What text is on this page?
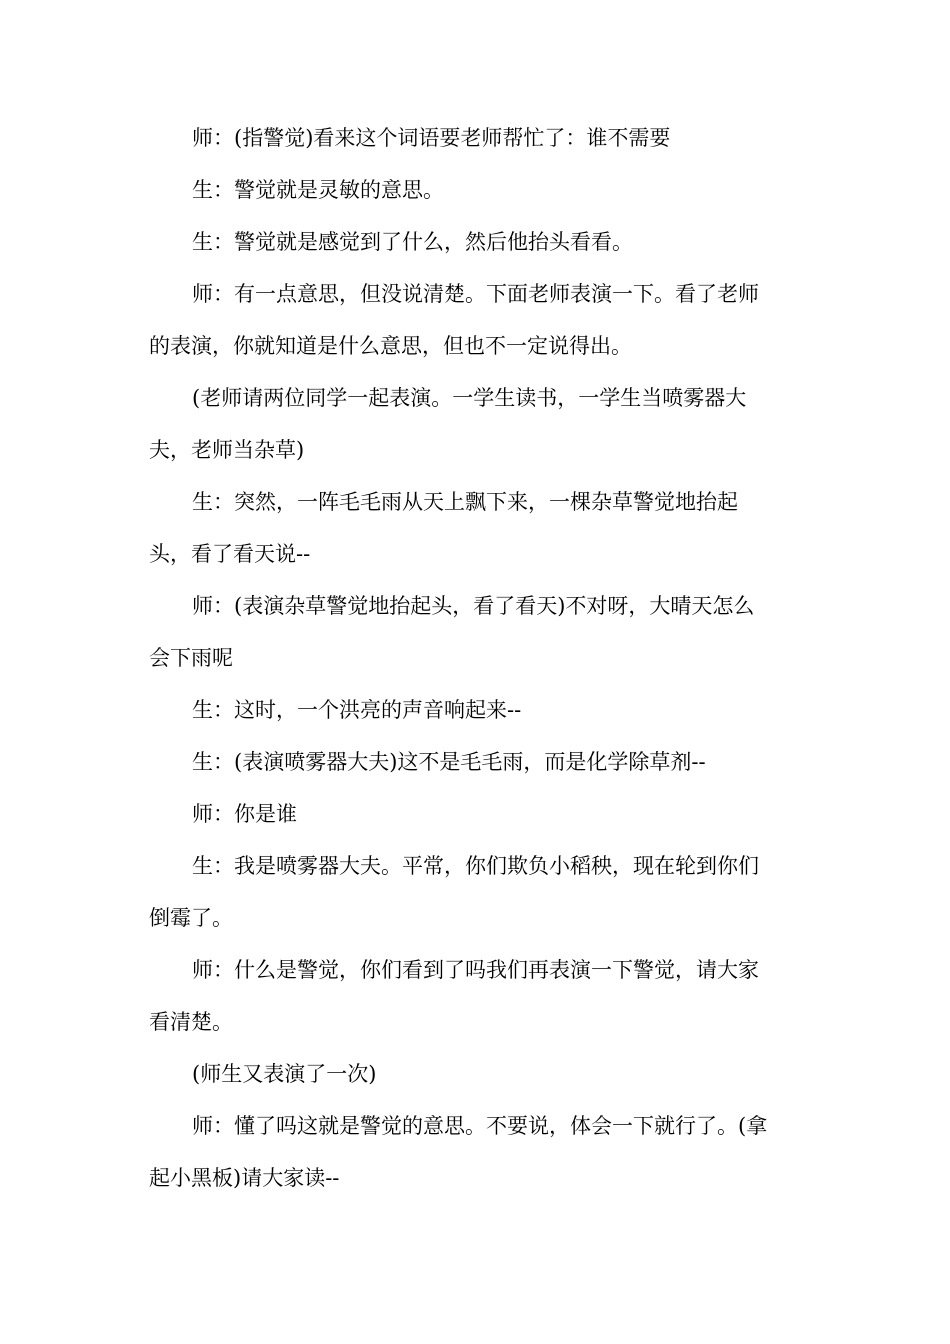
师：(指警觉)看来这个词语要老师帮忙了：谁不需要
生：警觉就是灵敏的意思。
生：警觉就是感觉到了什么，然后他抬头看看。
师：有一点意思，但没说清楚。下面老师表演一下。看了老师
的表演，你就知道是什么意思，但也不一定说得出。
(老师请两位同学一起表演。一学生读书，一学生当喷雾器大
夫，老师当杂草)
生：突然，一阵毛毛雨从天上飘下来，一棵杂草警觉地抬起
头，看了看天说--
师：(表演杂草警觉地抬起头，看了看天)不对呀，大晴天怎么
会下雨呢
生：这时，一个洪亮的声音响起来--
生：(表演喷雾器大夫)这不是毛毛雨，而是化学除草剂--
师：你是谁
生：我是喷雾器大夫。平常，你们欺负小稻秧，现在轮到你们
倒霉了。
师：什么是警觉，你们看到了吗我们再表演一下警觉，请大家
看清楚。
(师生又表演了一次)
师：懂了吗这就是警觉的意思。不要说，体会一下就行了。(拿
起小黑板)请大家读--
